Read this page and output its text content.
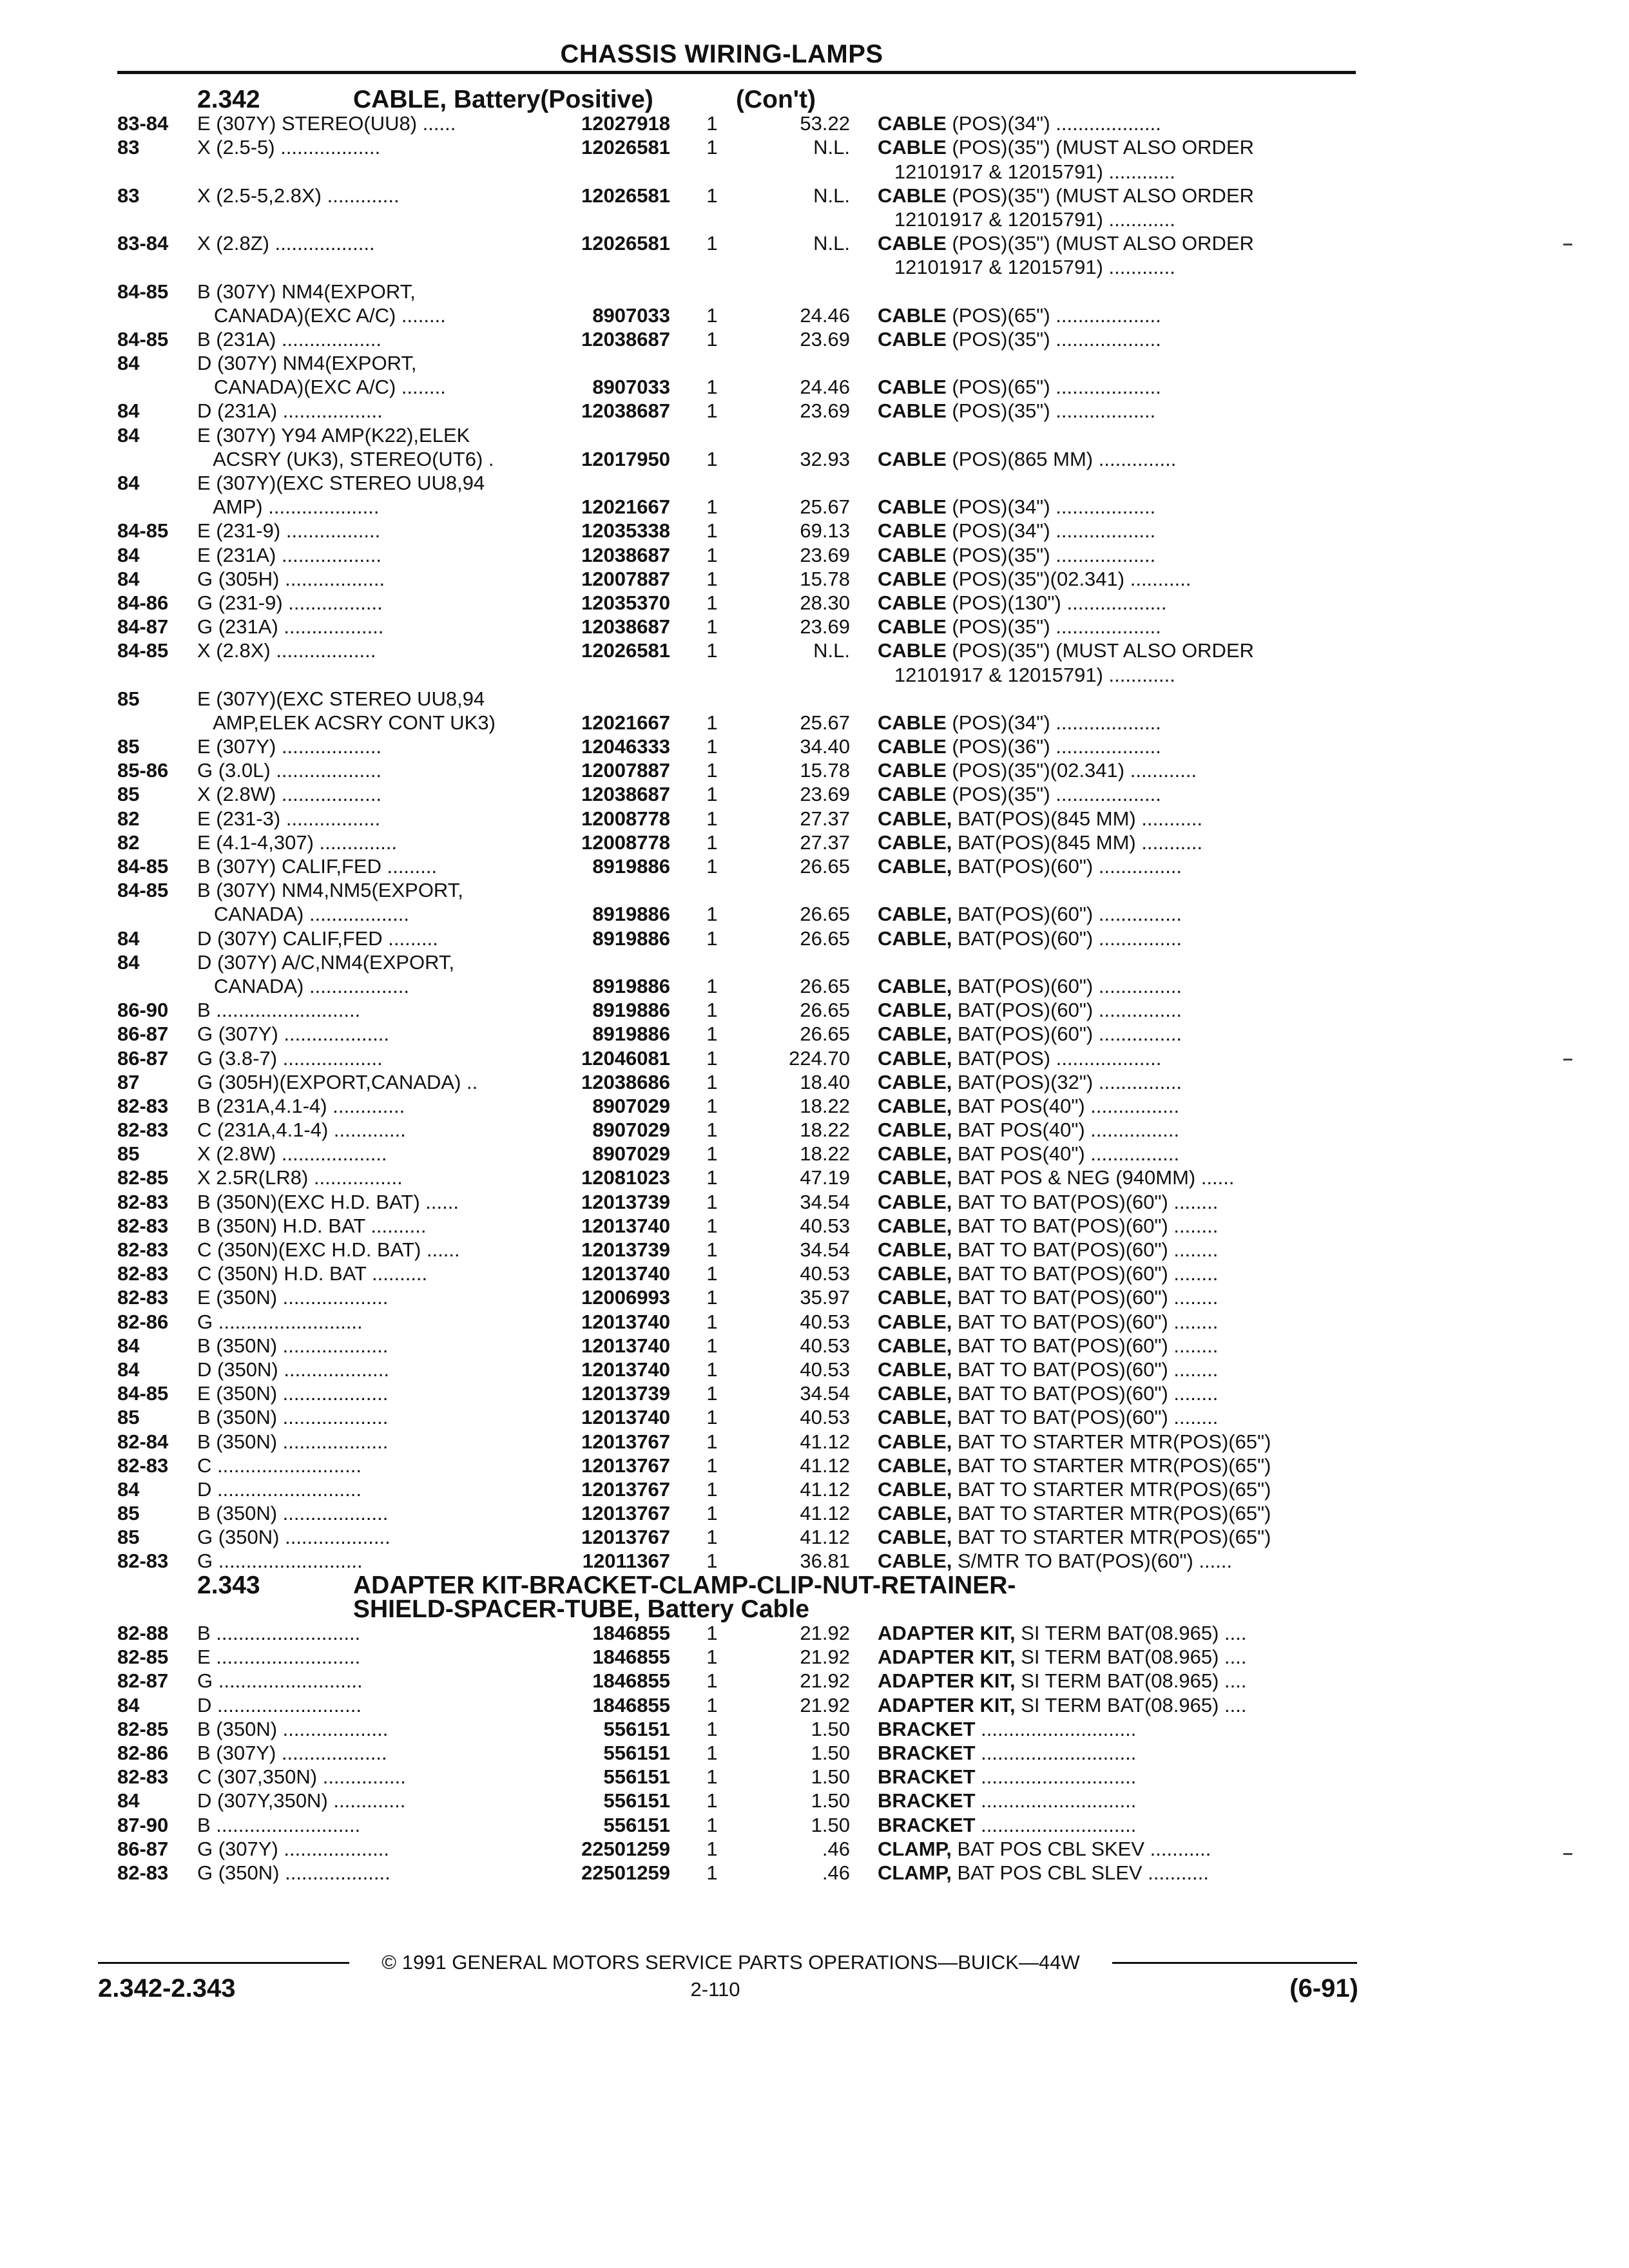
CHASSIS WIRING-LAMPS
2.342	CABLE, Battery(Positive)	(Con't)
83-84 E (307Y) STEREO(UU8) ......	12027918 1	53.22 CABLE (POS)(34") ...................
83	X (2.5-5) ..................	12026581 1	N.L. CABLE (POS)(35") (MUST ALSO ORDER
12101917 & 12015791) ............
83	X (2.5-5,2.8X) .............	12026581 1	N.L. CABLE (POS)(35") (MUST ALSO ORDER
12101917 & 12015791) ............
83-84 X (2.8Z) ..................	12026581 1	N.L. CABLE (POS)(35") (MUST ALSO ORDER
12101917 & 12015791) ............
84-85 B (307Y) NM4(EXPORT,
CANADA)(EXC A/C) ........	8907033 1	24.46 CABLE (POS)(65") ...................
84-85 B (231A) ..................	12038687 1	23.69 CABLE (POS)(35") ...................
84	D (307Y) NM4(EXPORT,
CANADA)(EXC A/C) ........	8907033 1	24.46 CABLE (POS)(65") ...................
84	D (231A) ..................	12038687 1	23.69 CABLE (POS)(35") ..................
84	E (307Y) Y94 AMP(K22),ELEK
ACSRY (UK3), STEREO(UT6) .	12017950 1	32.93 CABLE (POS)(865 MM) ..............
84	E (307Y)(EXC STEREO UU8,94
AMP) ....................	12021667 1	25.67 CABLE (POS)(34") ..................
84-85 E (231-9) .................	12035338 1	69.13 CABLE (POS)(34") ..................
84	E (231A) ..................	12038687 1	23.69 CABLE (POS)(35") ..................
84	G (305H) ..................	12007887 1	15.78 CABLE (POS)(35")(02.341) ...........
84-86 G (231-9) .................	12035370 1	28.30 CABLE (POS)(130") ..................
84-87 G (231A) ..................	12038687 1	23.69 CABLE (POS)(35") ...................
84-85 X (2.8X) ..................	12026581 1	N.L. CABLE (POS)(35") (MUST ALSO ORDER
12101917 & 12015791) ............
85	E (307Y)(EXC STEREO UU8,94
AMP,ELEK ACSRY CONT UK3)	12021667 1	25.67 CABLE (POS)(34") ...................
85	E (307Y) ..................	12046333 1	34.40 CABLE (POS)(36") ...................
85-86 G (3.0L) ...................	12007887 1	15.78 CABLE (POS)(35")(02.341) ............
85	X (2.8W) ..................	12038687 1	23.69 CABLE (POS)(35") ...................
82	E (231-3) .................	12008778 1	27.37 CABLE, BAT(POS)(845 MM) ...........
82	E (4.1-4,307) ..............	12008778 1	27.37 CABLE, BAT(POS)(845 MM) ...........
84-85 B (307Y) CALIF,FED .........	8919886 1	26.65 CABLE, BAT(POS)(60") ...............
84-85 B (307Y) NM4,NM5(EXPORT,
CANADA) ..................	8919886 1	26.65 CABLE, BAT(POS)(60") ...............
84	D (307Y) CALIF,FED .........	8919886 1	26.65 CABLE, BAT(POS)(60") ...............
84	D (307Y) A/C,NM4(EXPORT,
CANADA) ..................	8919886 1	26.65 CABLE, BAT(POS)(60") ...............
86-90 B ..........................	8919886 1	26.65 CABLE, BAT(POS)(60") ...............
86-87 G (307Y) ...................	8919886 1	26.65 CABLE, BAT(POS)(60") ...............
86-87 G (3.8-7) ..................	12046081 1	224.70 CABLE, BAT(POS) ...................
87	G (305H)(EXPORT,CANADA) ..	12038686 1	18.40 CABLE, BAT(POS)(32") ...............
82-83 B (231A,4.1-4) .............	8907029 1	18.22 CABLE, BAT POS(40") ................
82-83 C (231A,4.1-4) .............	8907029 1	18.22 CABLE, BAT POS(40") ................
85	X (2.8W) ...................	8907029 1	18.22 CABLE, BAT POS(40") ................
82-85 X 2.5R(LR8) ................	12081023 1	47.19 CABLE, BAT POS & NEG (940MM) ......
82-83 B (350N)(EXC H.D. BAT) ......	12013739 1	34.54 CABLE, BAT TO BAT(POS)(60") ........
82-83 B (350N) H.D. BAT ..........	12013740 1	40.53 CABLE, BAT TO BAT(POS)(60") ........
82-83 C (350N)(EXC H.D. BAT) ......	12013739 1	34.54 CABLE, BAT TO BAT(POS)(60") ........
82-83 C (350N) H.D. BAT ..........	12013740 1	40.53 CABLE, BAT TO BAT(POS)(60") ........
82-83 E (350N) ...................	12006993 1	35.97 CABLE, BAT TO BAT(POS)(60") ........
82-86 G ..........................	12013740 1	40.53 CABLE, BAT TO BAT(POS)(60") ........
84	B (350N) ...................	12013740 1	40.53 CABLE, BAT TO BAT(POS)(60") ........
84	D (350N) ...................	12013740 1	40.53 CABLE, BAT TO BAT(POS)(60") ........
84-85 E (350N) ...................	12013739 1	34.54 CABLE, BAT TO BAT(POS)(60") ........
85	B (350N) ...................	12013740 1	40.53 CABLE, BAT TO BAT(POS)(60") ........
82-84 B (350N) ...................	12013767 1	41.12 CABLE, BAT TO STARTER MTR(POS)(65")
82-83 C ..........................	12013767 1	41.12 CABLE, BAT TO STARTER MTR(POS)(65")
84	D ..........................	12013767 1	41.12 CABLE, BAT TO STARTER MTR(POS)(65")
85	B (350N) ...................	12013767 1	41.12 CABLE, BAT TO STARTER MTR(POS)(65")
85	G (350N) ...................	12013767 1	41.12 CABLE, BAT TO STARTER MTR(POS)(65")
82-83 G ..........................	12011367 1	36.81 CABLE, S/MTR TO BAT(POS)(60") ......
2.343	ADAPTER KIT-BRACKET-CLAMP-CLIP-NUT-RETAINER-
SHIELD-SPACER-TUBE, Battery Cable
82-88 B ..........................	1846855 1	21.92 ADAPTER KIT, SI TERM BAT(08.965) ....
82-85 E ..........................	1846855 1	21.92 ADAPTER KIT, SI TERM BAT(08.965) ....
82-87 G ..........................	1846855 1	21.92 ADAPTER KIT, SI TERM BAT(08.965) ....
84	D ..........................	1846855 1	21.92 ADAPTER KIT, SI TERM BAT(08.965) ....
82-85 B (350N) ...................	556151 1	1.50 BRACKET ............................
82-86 B (307Y) ...................	556151 1	1.50 BRACKET ............................
82-83 C (307,350N) ...............	556151 1	1.50 BRACKET ............................
84	D (307Y,350N) .............	556151 1	1.50 BRACKET ............................
87-90 B ..........................	556151 1	1.50 BRACKET ............................
86-87 G (307Y) ...................	22501259 1	.46 CLAMP, BAT POS CBL SKEV ...........
82-83 G (350N) ...................	22501259 1	.46 CLAMP, BAT POS CBL SLEV ...........
© 1991 GENERAL MOTORS SERVICE PARTS OPERATIONS—BUICK—44W
2.342-2.343	2-110	(6-91)
